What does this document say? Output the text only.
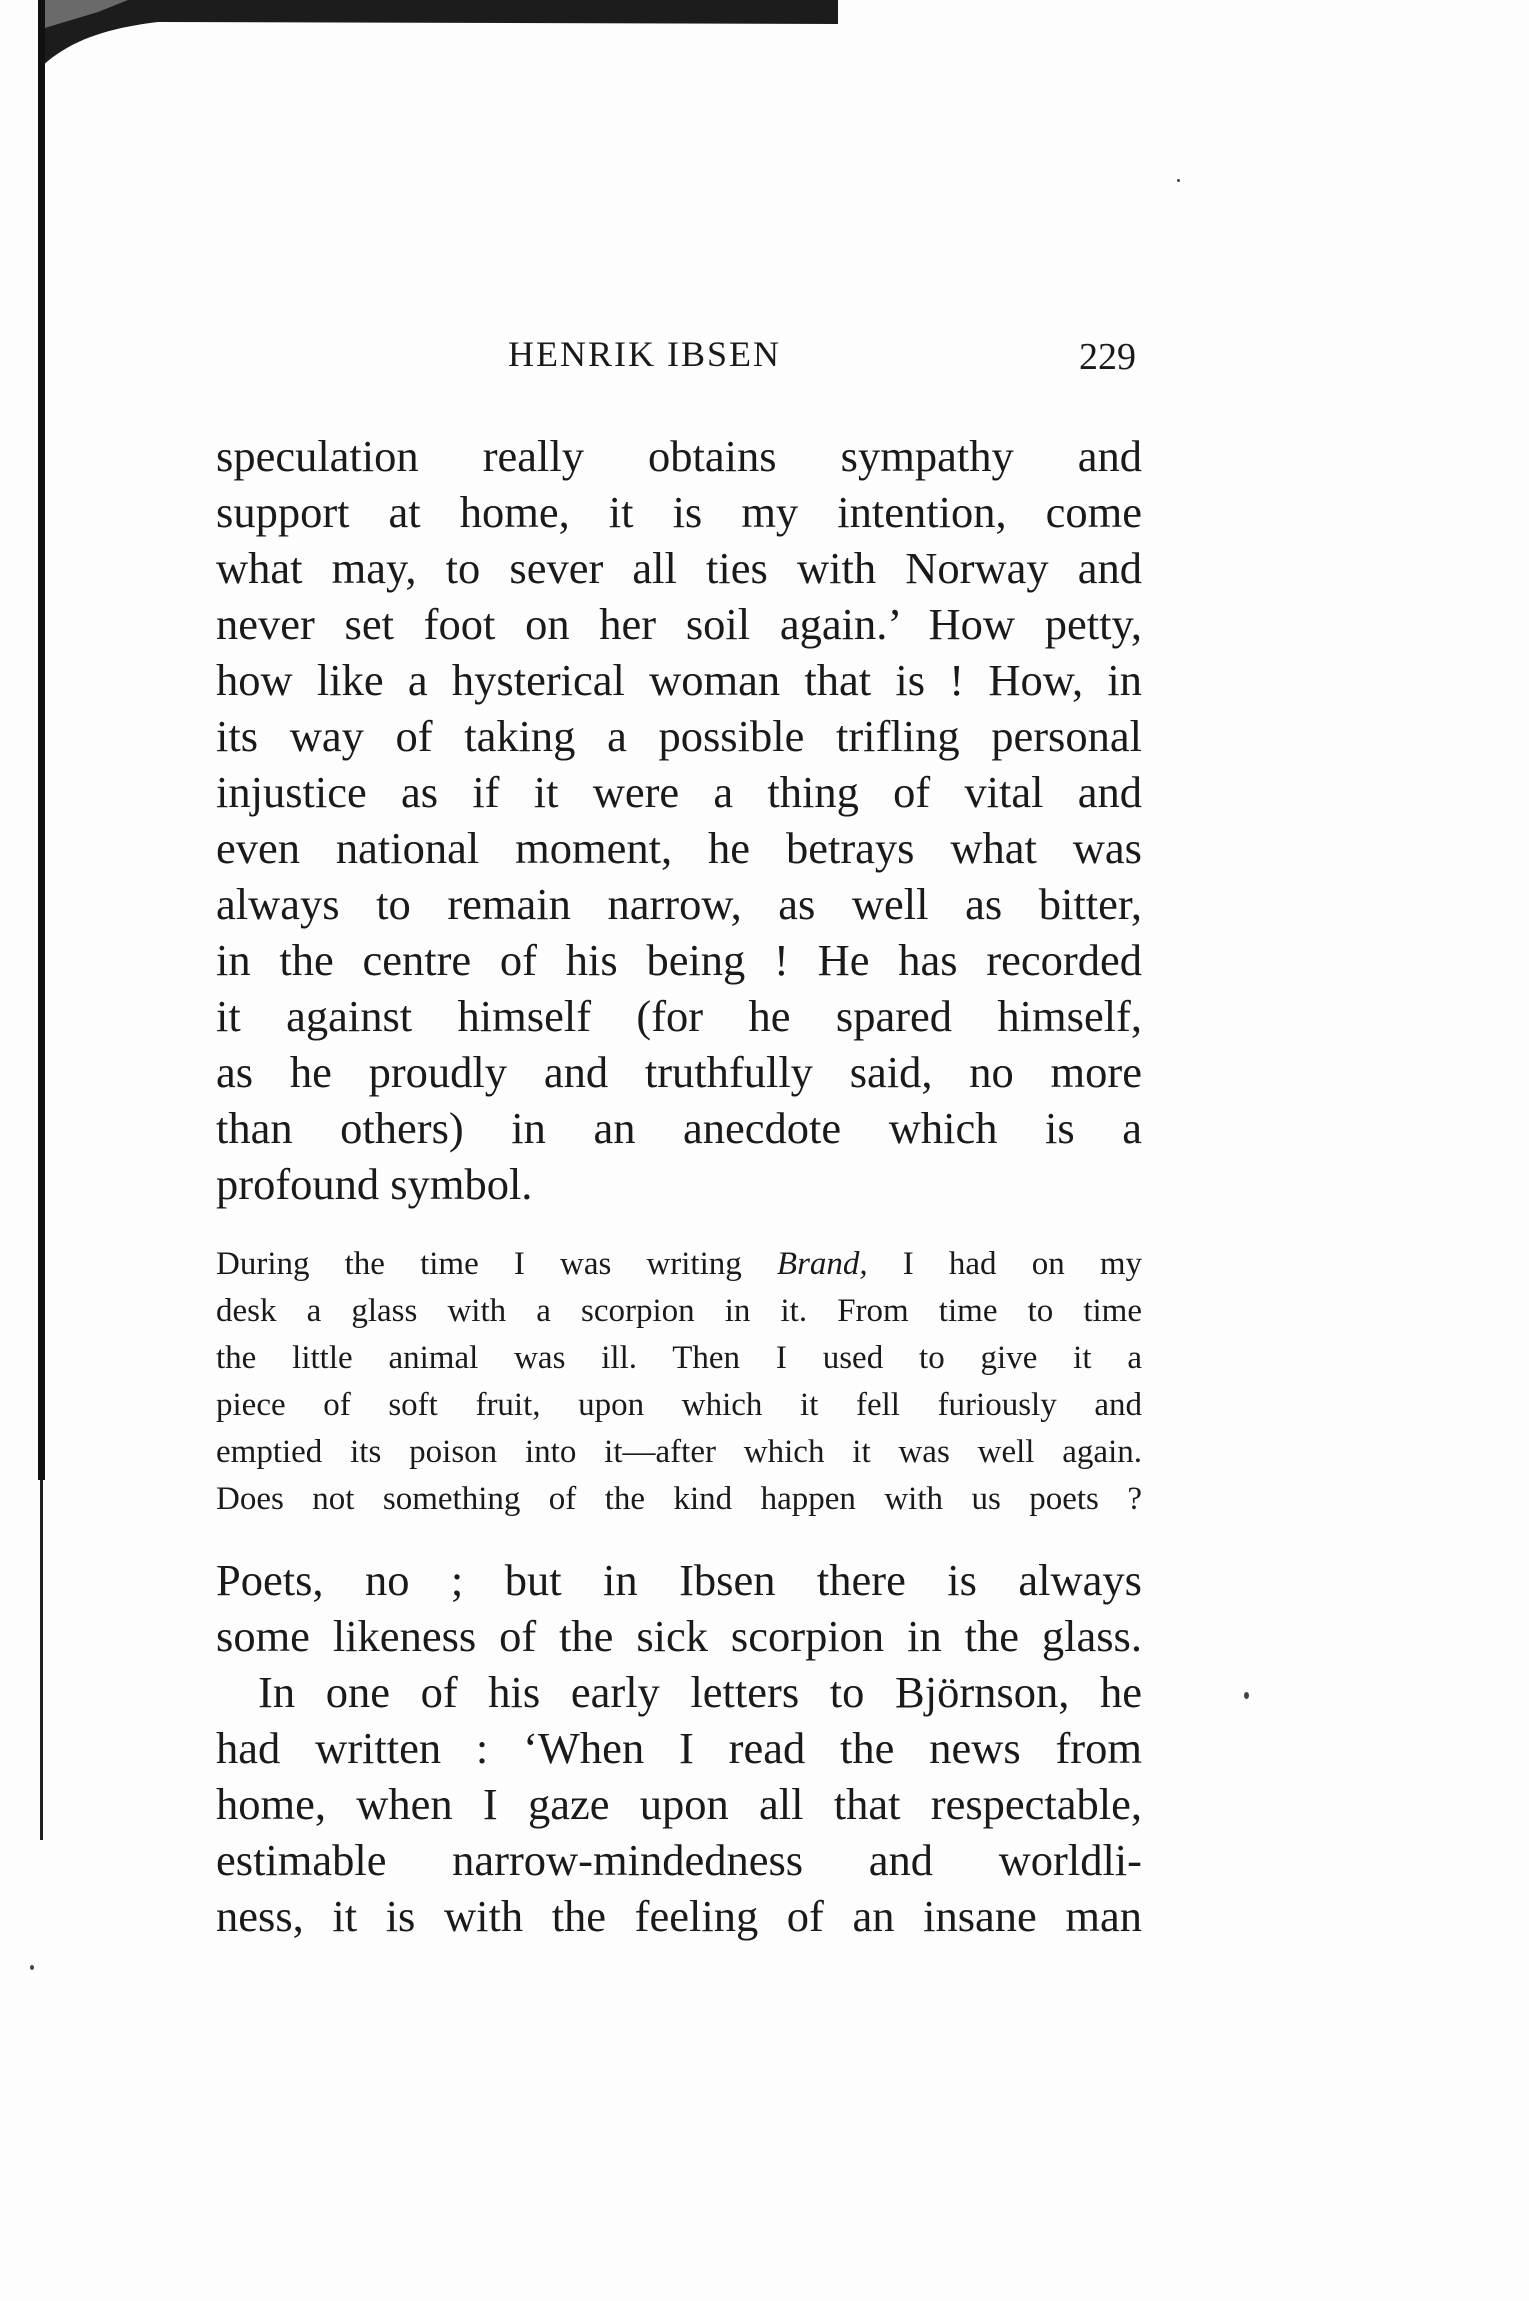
HENRIK IBSEN	229
speculation really obtains sympathy and
support at home, it is my intention, come
what may, to sever all ties with Norway and
never set foot on her soil again.’ How petty,
how like a hysterical woman that is ! How, in
its way of taking a possible trifling personal
injustice as if it were a thing of vital and
even national moment, he betrays what was
always to remain narrow, as well as bitter,
in the centre of his being ! He has recorded
it against himself (for he spared himself,
as he proudly and truthfully said, no more
than others) in an anecdote which is a
profound symbol.
During the time I was writing Brand, I had on my
desk a glass with a scorpion in it. From time to time
the little animal was ill. Then I used to give it a
piece of soft fruit, upon which it fell furiously and
emptied its poison into it—after which it was well again.
Does not something of the kind happen with us poets ?
Poets, no ; but in Ibsen there is always
some likeness of the sick scorpion in the glass.
In one of his early letters to Björnson, he
had written : ‘When I read the news from
home, when I gaze upon all that respectable,
estimable narrow-mindedness and worldli-
ness, it is with the feeling of an insane man
